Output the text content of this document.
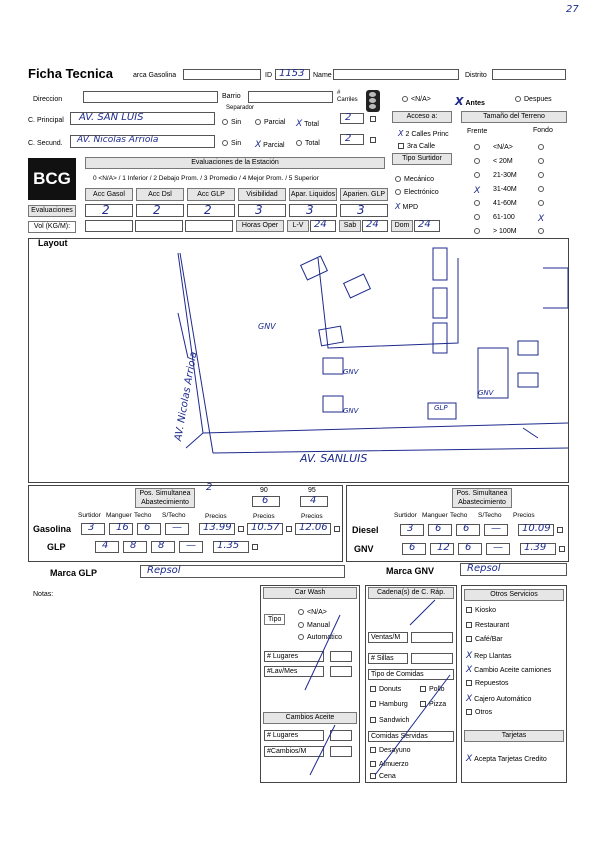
27
Ficha Tecnica	arca Gasolina	ID 1153 Name	Distrito
Direccion	Barrio	#
Carriles	<N/A> X Antes
Despues
Separador
C. Principal AV. SAN LUIS	Sin	Parcial X Total
2
C. Secund. AV. Nicolas Arriola	Sin X Parcial	Total	2
Acceso a:
X 2 Calles Princ
3ra Calle
Tipo Surtidor
Mecánico
Electrónico
X MPD
Tamaño del Terreno
Frente	Fondo
<N/A>
< 20M
21-30M
X 31-40M
41-60M
61-100	X
> 100M
BCG
Evaluaciones de la Estación
0 <N/A> / 1 Inferior / 2 Debajo Prom. / 3 Promedio / 4 Mejor Prom. / 5 Superior
Acc Gasol
2
Acc Dsl
2
Acc GLP
2
Visibilidad
3
Apar. Liquidos
3
Aparien. GLP
3
Evaluaciones
Vol (KG/M):	Horas Oper	L-V	24	Sab 24	Dom 24
Layout
GNV
GNV
GNV
GNV
GLP
AV. SANLUIS
AV. Nicolas Arriola
Pos. Simultanea
Abastecimiento
Pos. Simultanea
Abastecimiento
2	90	95
6	4
Surtidor	Surtidor
Manguer	Manguer
Techo	Techo
S/Techo	S/Techo
Precios	Precios	Precios	Precios
Gasolina 3 16 6 — 13.99 10.57 12.06
GLP	4 8 8 — 1.35
Diesel	3 6 6 — 10.09
GNV	6 12 6 — 1.39
Marca GLP	Repsol	Marca GNV	Repsol
Notas:	Car Wash
Tipo
<N/A>
Manual
Automatico
# Lugares
#Lav/Mes
Cambios Aceite
# Lugares
#Cambios/M
Cadena(s) de C. Ráp.
Ventas/M
# Sillas
Tipo de Comidas
Donuts	Pollo
Hamburg	Pizza
Sandwich
Comidas Servidas
Desayuno
Almuerzo
Cena
Otros Servicios
Kiosko
Restaurant
Café/Bar
X Rep Llantas
X Cambio Aceite camiones
Repuestos
X Cajero Automático
Otros
Tarjetas
X Acepta Tarjetas Credito
